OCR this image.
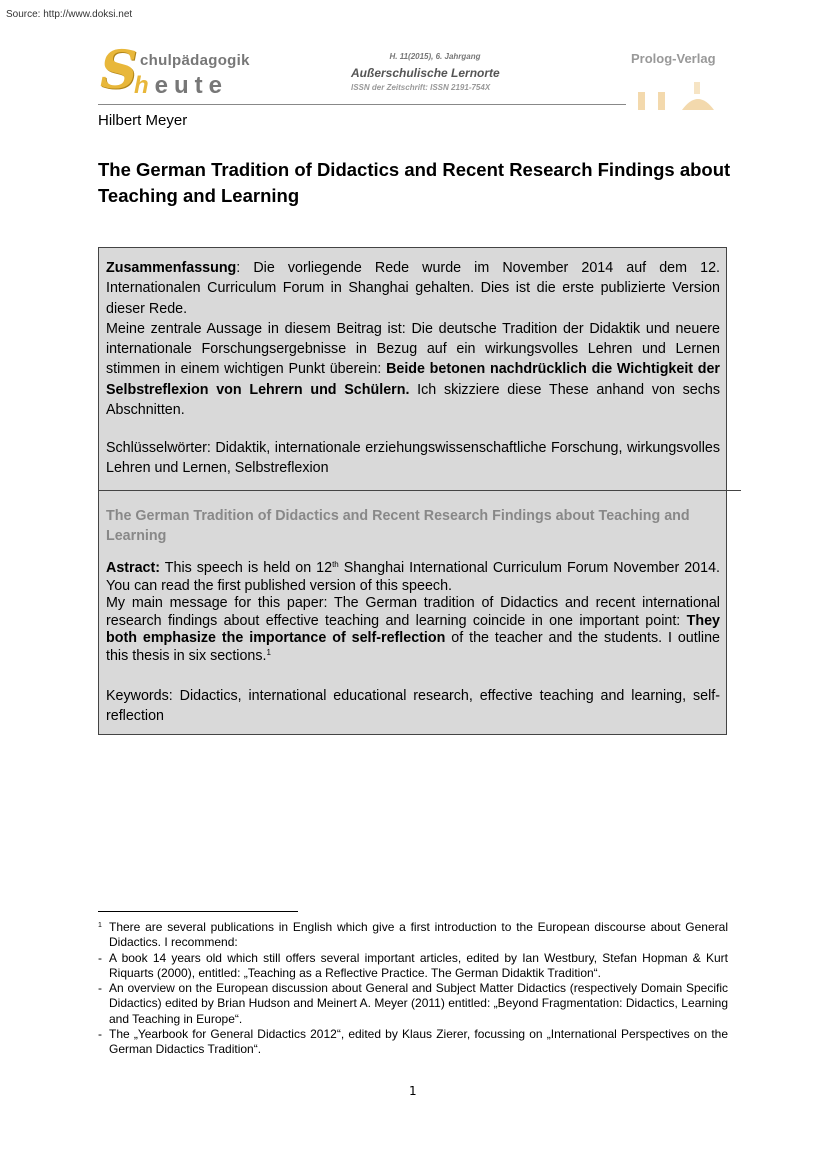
Source: http://www.doksi.net
S chulpädagogik
heute
H. 11(2015), 6. Jahrgang
Außerschulische Lernorte
ISSN der Zeitschrift: ISSN 2191-754X
Prolog-Verlag
Hilbert Meyer
The German Tradition of Didactics and Recent Research Findings about Teaching and Learning

Zusammenfassung: Die vorliegende Rede wurde im November 2014 auf dem 12. Internationalen Curriculum Forum in Shanghai gehalten. Dies ist die erste publizierte Version dieser Rede.

Meine zentrale Aussage in diesem Beitrag ist: Die deutsche Tradition der Didaktik und neuere internationale Forschungsergebnisse in Bezug auf ein wirkungsvolles Lehren und Lernen stimmen in einem wichtigen Punkt überein: Beide betonen nachdrücklich die Wichtigkeit der Selbstreflexion von Lehrern und Schülern. Ich skizziere diese These anhand von sechs Abschnitten.

Schlüsselwörter: Didaktik, internationale erziehungswissenschaftliche Forschung, wirkungsvolles Lehren und Lernen, Selbstreflexion
The German Tradition of Didactics and Recent Research Findings about Teaching and Learning

Astract: This speech is held on 12th Shanghai International Curriculum Forum November 2014. You can read the first published version of this speech.

My main message for this paper: The German tradition of Didactics and recent international research findings about effective teaching and learning coincide in one important point: They both emphasize the importance of self-reflection of the teacher and the students. I outline this thesis in six sections.$^1$

Keywords: Didactics, international educational research, effective teaching and learning, self-reflection
$^1$ There are several publications in English which give a first introduction to the European discourse about General Didactics. I recommend:
- A book 14 years old which still offers several important articles, edited by Ian Westbury, Stefan Hopman & Kurt Riquarts (2000), entitled: „Teaching as a Reflective Practice. The German Didaktik Tradition“.
- An overview on the European discussion about General and Subject Matter Didactics (respectively Domain Specific Didactics) edited by Brian Hudson and Meinert A. Meyer (2011) entitled: „Beyond Fragmentation: Didactics, Learning and Teaching in Europe“.
- The „Yearbook for General Didactics 2012“, edited by Klaus Zierer, focussing on „International Perspectives on the German Didactics Tradition“.
1
